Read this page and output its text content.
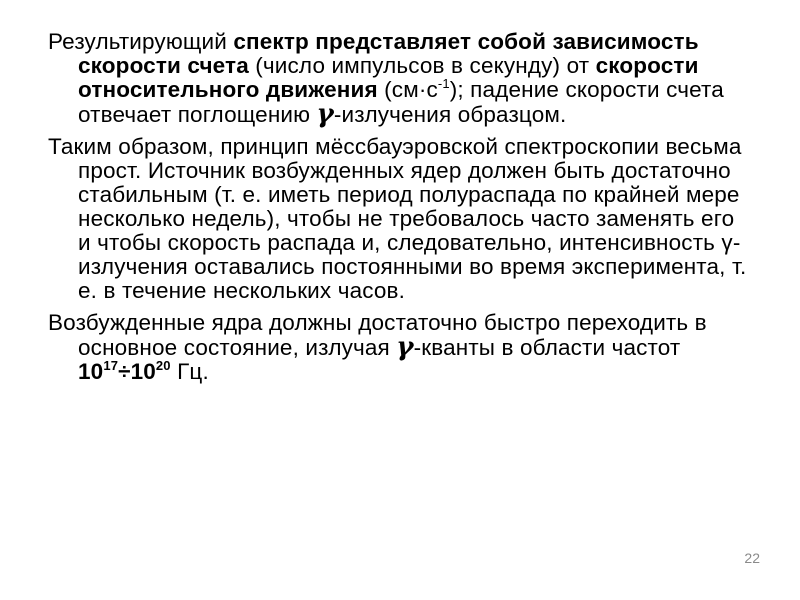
Результирующий спектр представляет собой зависимость скорости счета (число импульсов в секунду) от скорости относительного движения $(см\cdot с^{-1})$; падение скорости счета отвечает поглощению γ-излучения образцом.

Таким образом, принцип мёссбауэровской спектроскопии весьма прост. Источник возбужденных ядер должен быть достаточно стабильным (т. е. иметь период полураспада по крайней мере несколько недель), чтобы не требовалось часто заменять его и чтобы скорость распада и, следовательно, интенсивность γ-излучения оставались постоянными во время эксперимента, т. е. в течение нескольких часов.

Возбужденные ядра должны достаточно быстро переходить в основное состояние, излучая γ-кванты в области частот $10^{17}\div 10^{20}$ Гц.

22
